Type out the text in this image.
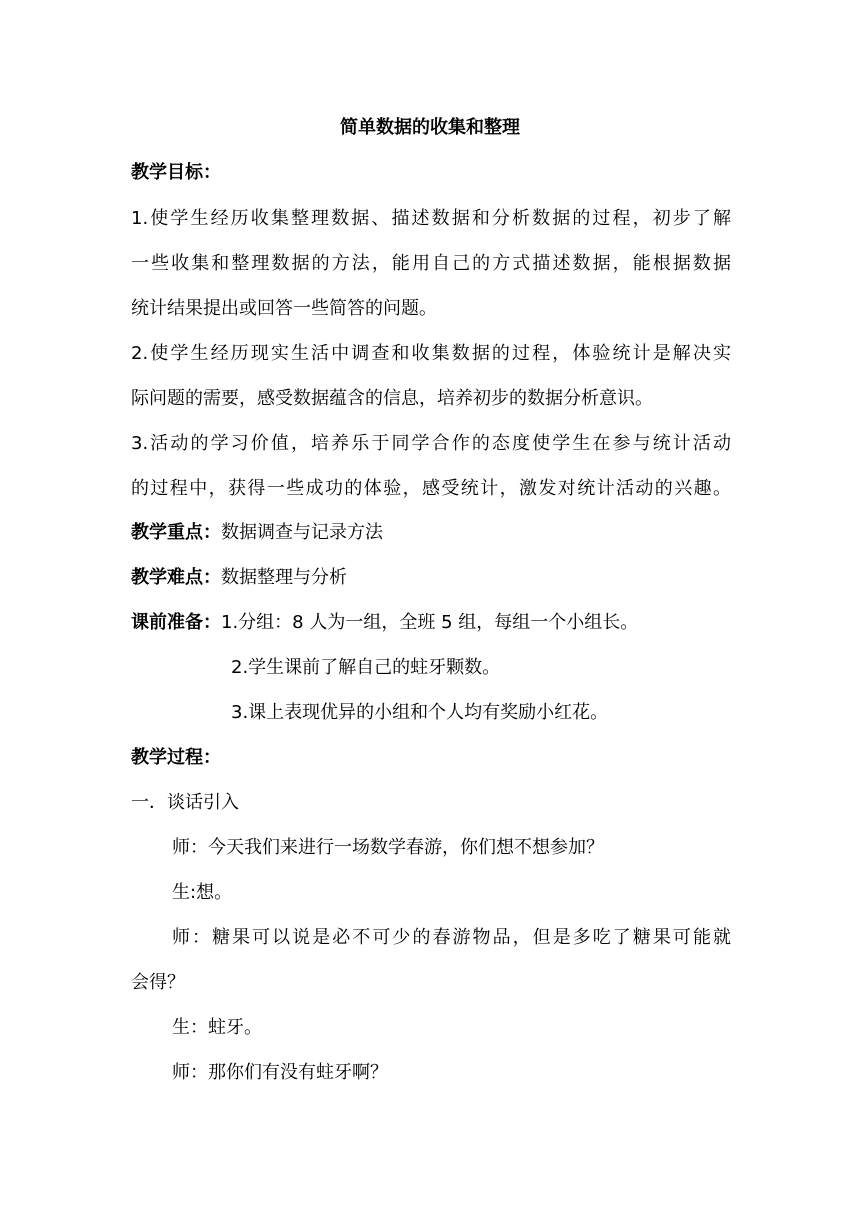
简单数据的收集和整理
教学目标：
1.使学生经历收集整理数据、描述数据和分析数据的过程，初步了解
一些收集和整理数据的方法，能用自己的方式描述数据，能根据数据
统计结果提出或回答一些简答的问题。
2.使学生经历现实生活中调查和收集数据的过程，体验统计是解决实
际问题的需要，感受数据蕴含的信息，培养初步的数据分析意识。
3.活动的学习价值，培养乐于同学合作的态度使学生在参与统计活动
的过程中，获得一些成功的体验，感受统计，激发对统计活动的兴趣。
教学重点：数据调查与记录方法
教学难点：数据整理与分析
课前准备：1.分组：8 人为一组，全班 5 组，每组一个小组长。
2.学生课前了解自己的蛀牙颗数。
3.课上表现优异的小组和个人均有奖励小红花。
教学过程：
一．谈话引入
师：今天我们来进行一场数学春游，你们想不想参加？
生:想。
师：糖果可以说是必不可少的春游物品，但是多吃了糖果可能就
会得？
生：蛀牙。
师：那你们有没有蛀牙啊？
